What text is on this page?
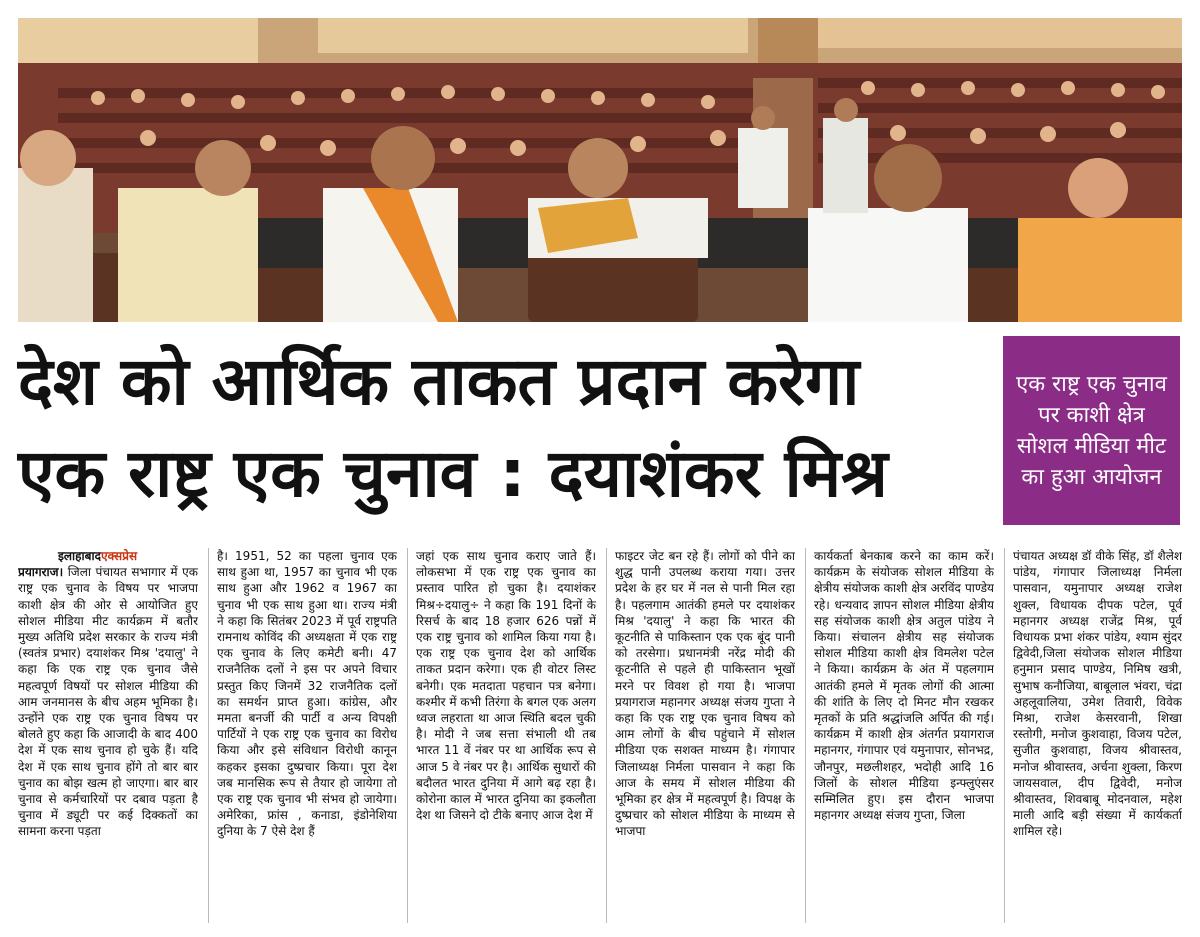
देश को आर्थिक ताकत प्रदान करेगा
एक राष्ट्र एक चुनाव : दयाशंकर मिश्र
एक राष्ट्र एक चुनाव पर काशी क्षेत्र सोशल मीडिया मीट का हुआ आयोजन
इलाहाबादएक्सप्रेस

प्रयागराज। जिला पंचायत सभागार में एक राष्ट्र एक चुनाव के विषय पर भाजपा काशी क्षेत्र की ओर से आयोजित हुए सोशल मीडिया मीट कार्यक्रम में बतौर मुख्य अतिथि प्रदेश सरकार के राज्य मंत्री (स्वतंत्र प्रभार) दयाशंकर मिश्र 'दयालु' ने कहा कि एक राष्ट्र एक चुनाव जैसे महत्वपूर्ण विषयों पर सोशल मीडिया की आम जनमानस के बीच अहम भूमिका है। उन्होंने एक राष्ट्र एक चुनाव विषय पर बोलते हुए कहा कि आजादी के बाद 400 देश में एक साथ चुनाव हो चुके हैं। यदि देश में एक साथ चुनाव होंगे तो बार बार चुनाव का बोझ खत्म हो जाएगा। बार बार चुनाव से कर्मचारियों पर दबाव पड़ता है चुनाव में ड्यूटी पर कई दिक्कतों का सामना करना पड़ता

है। 1951, 52 का पहला चुनाव एक साथ हुआ था, 1957 का चुनाव भी एक साथ हुआ और 1962 व 1967 का चुनाव भी एक साथ हुआ था। राज्य मंत्री ने कहा कि सितंबर 2023 में पूर्व राष्ट्रपति रामनाथ कोविंद की अध्यक्षता में एक राष्ट्र एक चुनाव के लिए कमेटी बनी। 47 राजनैतिक दलों ने इस पर अपने विचार प्रस्तुत किए जिनमें 32 राजनैतिक दलों का समर्थन प्राप्त हुआ। कांग्रेस, और ममता बनर्जी की पार्टी व अन्य विपक्षी पार्टियों ने एक राष्ट्र एक चुनाव का विरोध किया और इसे संविधान विरोधी कानून कहकर इसका दुष्प्रचार किया। पूरा देश जब मानसिक रूप से तैयार हो जायेगा तो एक राष्ट्र एक चुनाव भी संभव हो जायेगा। अमेरिका, फ्रांस , कनाडा, इंडोनेशिया दुनिया के 7 ऐसे देश हैं

जहां एक साथ चुनाव कराए जाते हैं। लोकसभा में एक राष्ट्र एक चुनाव का प्रस्ताव पारित हो चुका है। दयाशंकर मिश्र÷दयालु÷ ने कहा कि 191 दिनों के रिसर्च के बाद 18 हजार 626 पन्नों में एक राष्ट्र चुनाव को शामिल किया गया है। एक राष्ट्र एक चुनाव देश को आर्थिक ताकत प्रदान करेगा। एक ही वोटर लिस्ट बनेगी। एक मतदाता पहचान पत्र बनेगा। कश्मीर में कभी तिरंगा के बगल एक अलग ध्वज लहराता था आज स्थिति बदल चुकी है। मोदी ने जब सत्ता संभाली थी तब भारत 11 वें नंबर पर था आर्थिक रूप से आज 5 वे नंबर पर है। आर्थिक सुधारों की बदौलत भारत दुनिया में आगे बढ़ रहा है। कोरोना काल में भारत दुनिया का इकलौता देश था जिसने दो टीके बनाए आज देश में

फाइटर जेट बन रहे हैं। लोगों को पीने का शुद्ध पानी उपलब्ध कराया गया। उत्तर प्रदेश के हर घर में नल से पानी मिल रहा है। पहलगाम आतंकी हमले पर दयाशंकर मिश्र 'दयालु' ने कहा कि भारत की कूटनीति से पाकिस्तान एक एक बूंद पानी को तरसेगा। प्रधानमंत्री नरेंद्र मोदी की कूटनीति से पहले ही पाकिस्तान भूखों मरने पर विवश हो गया है। भाजपा प्रयागराज महानगर अध्यक्ष संजय गुप्ता ने कहा कि एक राष्ट्र एक चुनाव विषय को आम लोगों के बीच पहुंचाने में सोशल मीडिया एक सशक्त माध्यम है। गंगापार जिलाध्यक्ष निर्मला पासवान ने कहा कि आज के समय में सोशल मीडिया की भूमिका हर क्षेत्र में महत्वपूर्ण है। विपक्ष के दुष्प्रचार को सोशल मीडिया के माध्यम से भाजपा

कार्यकर्ता बेनकाब करने का काम करें। कार्यक्रम के संयोजक सोशल मीडिया के क्षेत्रीय संयोजक काशी क्षेत्र अरविंद पाण्डेय रहे। धन्यवाद ज्ञापन सोशल मीडिया क्षेत्रीय सह संयोजक काशी क्षेत्र अतुल पांडेय ने किया। संचालन क्षेत्रीय सह संयोजक सोशल मीडिया काशी क्षेत्र विमलेश पटेल ने किया। कार्यक्रम के अंत में पहलगाम आतंकी हमले में मृतक लोगों की आत्मा की शांति के लिए दो मिनट मौन रखकर मृतकों के प्रति श्रद्धांजलि अर्पित की गई। कार्यक्रम में काशी क्षेत्र अंतर्गत प्रयागराज महानगर, गंगापार एवं यमुनापार, सोनभद्र, जौनपुर, मछलीशहर, भदोही आदि 16 जिलों के सोशल मीडिया इन्फ्लुएंसर सम्मिलित हुए। इस दौरान भाजपा महानगर अध्यक्ष संजय गुप्ता, जिला

पंचायत अध्यक्ष डॉ वीके सिंह, डॉ शैलेश पांडेय, गंगापार जिलाध्यक्ष निर्मला पासवान, यमुनापार अध्यक्ष राजेश शुक्ल, विधायक दीपक पटेल, पूर्व महानगर अध्यक्ष राजेंद्र मिश्र, पूर्व विधायक प्रभा शंकर पांडेय, श्याम सुंदर द्विवेदी,जिला संयोजक सोशल मीडिया हनुमान प्रसाद पाण्डेय, निमिष खत्री, सुभाष कनौजिया, बाबूलाल भंवरा, चंद्रा अहलूवालिया, उमेश तिवारी, विवेक मिश्रा, राजेश केसरवानी, शिखा रस्तोगी, मनोज कुशवाहा, विजय पटेल, सुजीत कुशवाहा, विजय श्रीवास्तव, मनोज श्रीवास्तव, अर्चना शुक्ला, किरण जायसवाल, दीप द्विवेदी, मनोज श्रीवास्तव, शिवबाबू मोदनवाल, महेश माली आदि बड़ी संख्या में कार्यकर्ता शामिल रहे।
